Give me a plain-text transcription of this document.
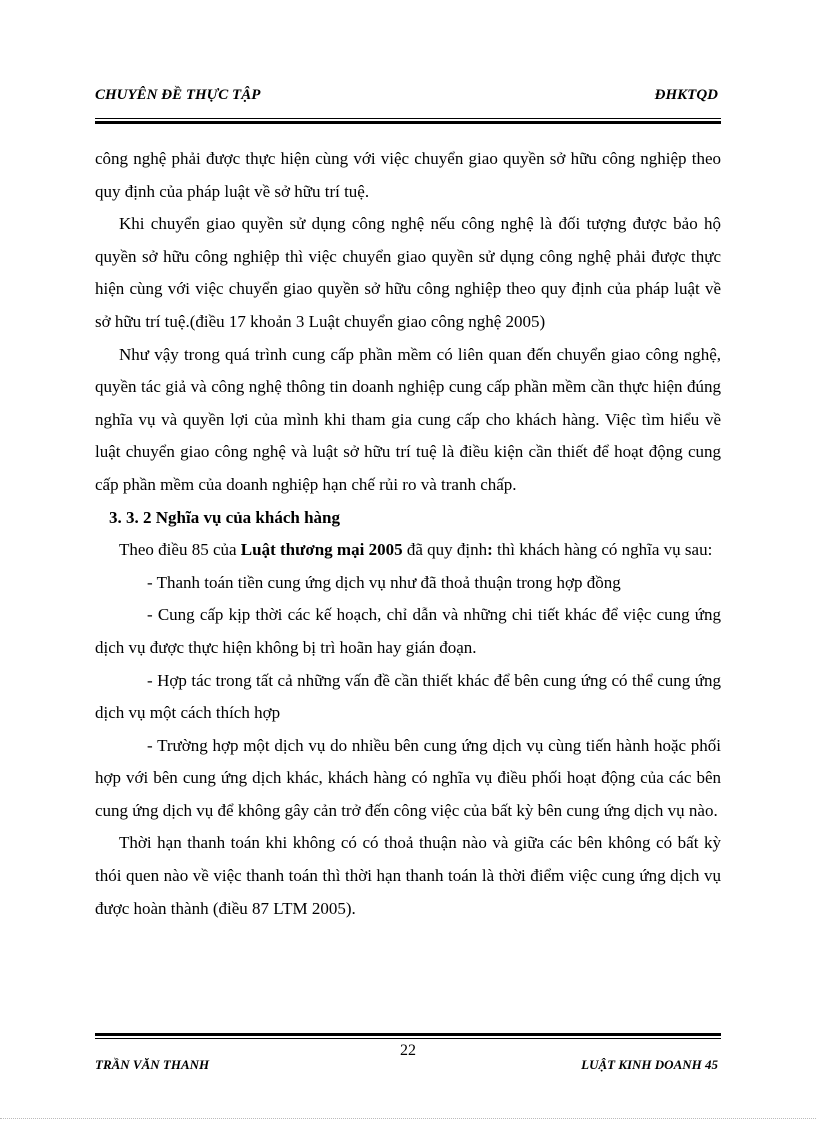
CHUYÊN ĐỀ THỰC TẬP	ĐHKTQD

công nghệ phải được thực hiện cùng với việc chuyển giao quyền sở hữu công nghiệp theo quy định của pháp luật về sở hữu trí tuệ.

Khi chuyển giao quyền sử dụng công nghệ nếu công nghệ là đối tượng được bảo hộ quyền sở hữu công nghiệp thì việc chuyển giao quyền sử dụng công nghệ phải được thực hiện cùng với việc chuyển giao quyền sở hữu công nghiệp theo quy định của pháp luật về sở hữu trí tuệ.(điều 17 khoản 3 Luật chuyển giao công nghệ 2005)

Như vậy trong quá trình cung cấp phần mềm có liên quan đến chuyển giao công nghệ, quyền tác giả và công nghệ thông tin doanh nghiệp cung cấp phần mềm cần thực hiện đúng nghĩa vụ và quyền lợi của mình khi tham gia cung cấp cho khách hàng. Việc tìm hiểu về luật chuyển giao công nghệ và luật sở hữu trí tuệ là điều kiện cần thiết để hoạt động cung cấp phần mềm của doanh nghiệp hạn chế rủi ro và tranh chấp.

3. 3. 2 Nghĩa vụ của khách hàng

Theo điều 85 của Luật thương mại 2005 đã quy định: thì khách hàng có nghĩa vụ sau:

- Thanh toán tiền cung ứng dịch vụ như đã thoả thuận trong hợp đồng

- Cung cấp kịp thời các kế hoạch, chỉ dẫn và những chi tiết khác để việc cung ứng dịch vụ được thực hiện không bị trì hoãn hay gián đoạn.

- Hợp tác trong tất cả những vấn đề cần thiết khác để bên cung ứng có thể cung ứng dịch vụ một cách thích hợp

- Trường hợp một dịch vụ do nhiều bên cung ứng dịch vụ cùng tiến hành hoặc phối hợp với bên cung ứng dịch khác, khách hàng có nghĩa vụ điều phối hoạt động của các bên cung ứng dịch vụ để không gây cản trở đến công việc của bất kỳ bên cung ứng dịch vụ nào.

Thời hạn thanh toán khi không có có thoả thuận nào và giữa các bên không có bất kỳ thói quen nào về việc thanh toán thì thời hạn thanh toán là thời điểm việc cung ứng dịch vụ được hoàn thành (điều 87 LTM 2005).

22
TRẦN VĂN THANH	LUẬT KINH DOANH 45
